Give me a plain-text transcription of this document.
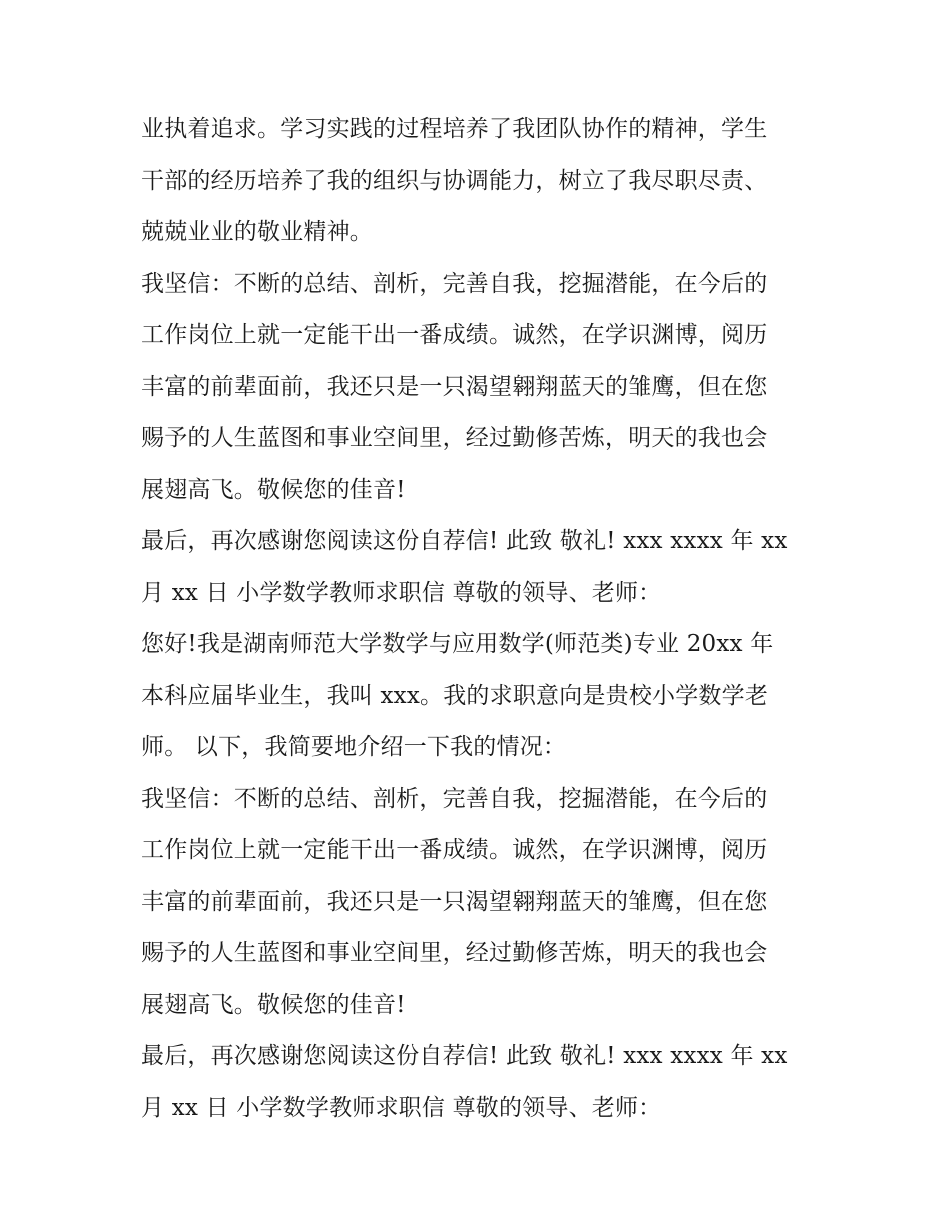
业执着追求。学习实践的过程培养了我团队协作的精神，学生
干部的经历培养了我的组织与协调能力，树立了我尽职尽责、
兢兢业业的敬业精神。
我坚信：不断的总结、剖析，完善自我，挖掘潜能，在今后的
工作岗位上就一定能干出一番成绩。诚然，在学识渊博，阅历
丰富的前辈面前，我还只是一只渴望翱翔蓝天的雏鹰，但在您
赐予的人生蓝图和事业空间里，经过勤修苦炼，明天的我也会
展翅高飞。敬候您的佳音!
最后，再次感谢您阅读这份自荐信! 此致 敬礼! xxx xxxx 年 xx
月 xx 日 小学数学教师求职信 尊敬的领导、老师：
您好!我是湖南师范大学数学与应用数学(师范类)专业 20xx 年
本科应届毕业生，我叫 xxx。我的求职意向是贵校小学数学老
师。 以下，我简要地介绍一下我的情况：
我坚信：不断的总结、剖析，完善自我，挖掘潜能，在今后的
工作岗位上就一定能干出一番成绩。诚然，在学识渊博，阅历
丰富的前辈面前，我还只是一只渴望翱翔蓝天的雏鹰，但在您
赐予的人生蓝图和事业空间里，经过勤修苦炼，明天的我也会
展翅高飞。敬候您的佳音!
最后，再次感谢您阅读这份自荐信! 此致 敬礼! xxx xxxx 年 xx
月 xx 日 小学数学教师求职信 尊敬的领导、老师：
